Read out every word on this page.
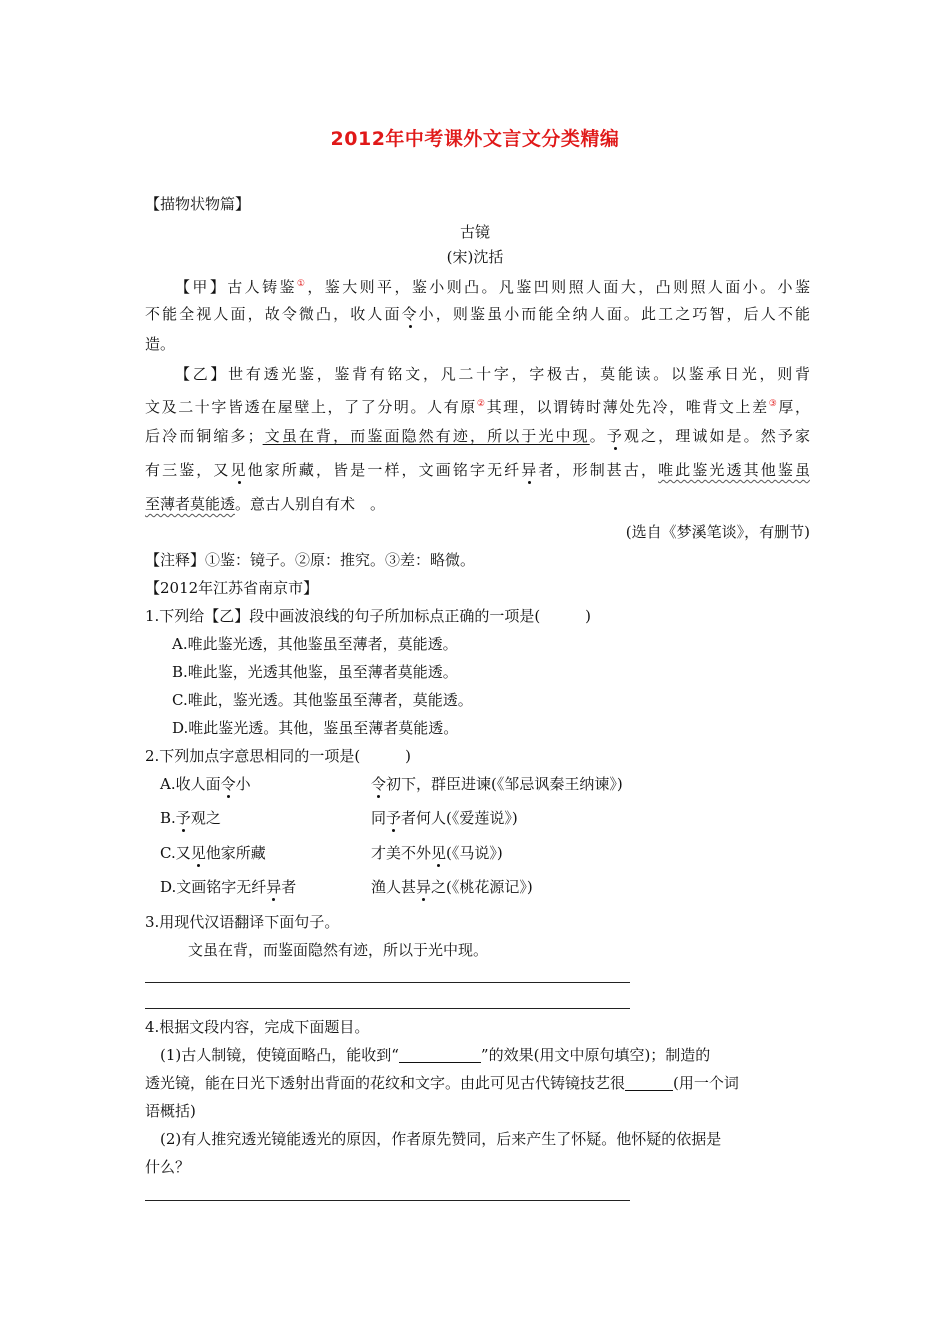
2012年中考课外文言文分类精编
【描物状物篇】
古镜
(宋)沈括
【甲】古人铸鉴①，鉴大则平，鉴小则凸。凡鉴凹则照人面大，凸则照人面小。小鉴
不能全视人面，故令微凸，收人面令小，则鉴虽小而能全纳人面。此工之巧智，后人不能
造。
【乙】世有透光鉴，鉴背有铭文，凡二十字，字极古，莫能读。以鉴承日光，则背
文及二十字皆透在屋壁上，了了分明。人有原②其理，以谓铸时薄处先冷，唯背文上差③厚，
后冷而铜缩多；文虽在背，而鉴面隐然有迹，所以于光中现。予观之，理诚如是。然予家
有三鉴，又见他家所藏，皆是一样，文画铭字无纤异者，形制甚古，唯此鉴光透其他鉴虽
至薄者莫能透。意古人别自有术　。
(选自《梦溪笔谈》，有删节)
【注释】①鉴：镜子。②原：推究。③差：略微。
【2012年江苏省南京市】
1.下列给【乙】段中画波浪线的句子所加标点正确的一项是(　　　)
A.唯此鉴光透，其他鉴虽至薄者，莫能透。
B.唯此鉴，光透其他鉴，虽至薄者莫能透。
C.唯此，鉴光透。其他鉴虽至薄者，莫能透。
D.唯此鉴光透。其他，鉴虽至薄者莫能透。
2.下列加点字意思相同的一项是(　　　)
A.收人面令小	令初下，群臣进谏(《邹忌讽秦王纳谏》)
B.予观之	同予者何人(《爱莲说》)
C.又见他家所藏	才美不外见(《马说》)
D.文画铭字无纤异者	渔人甚异之(《桃花源记》)
3.用现代汉语翻译下面句子。
文虽在背，而鉴面隐然有迹，所以于光中现。
4.根据文段内容，完成下面题目。
(1)古人制镜，使镜面略凸，能收到“	”的效果(用文中原句填空)；制造的
透光镜，能在日光下透射出背面的花纹和文字。由此可见古代铸镜技艺很	(用一个词
语概括)
(2)有人推究透光镜能透光的原因，作者原先赞同，后来产生了怀疑。他怀疑的依据是
什么？
